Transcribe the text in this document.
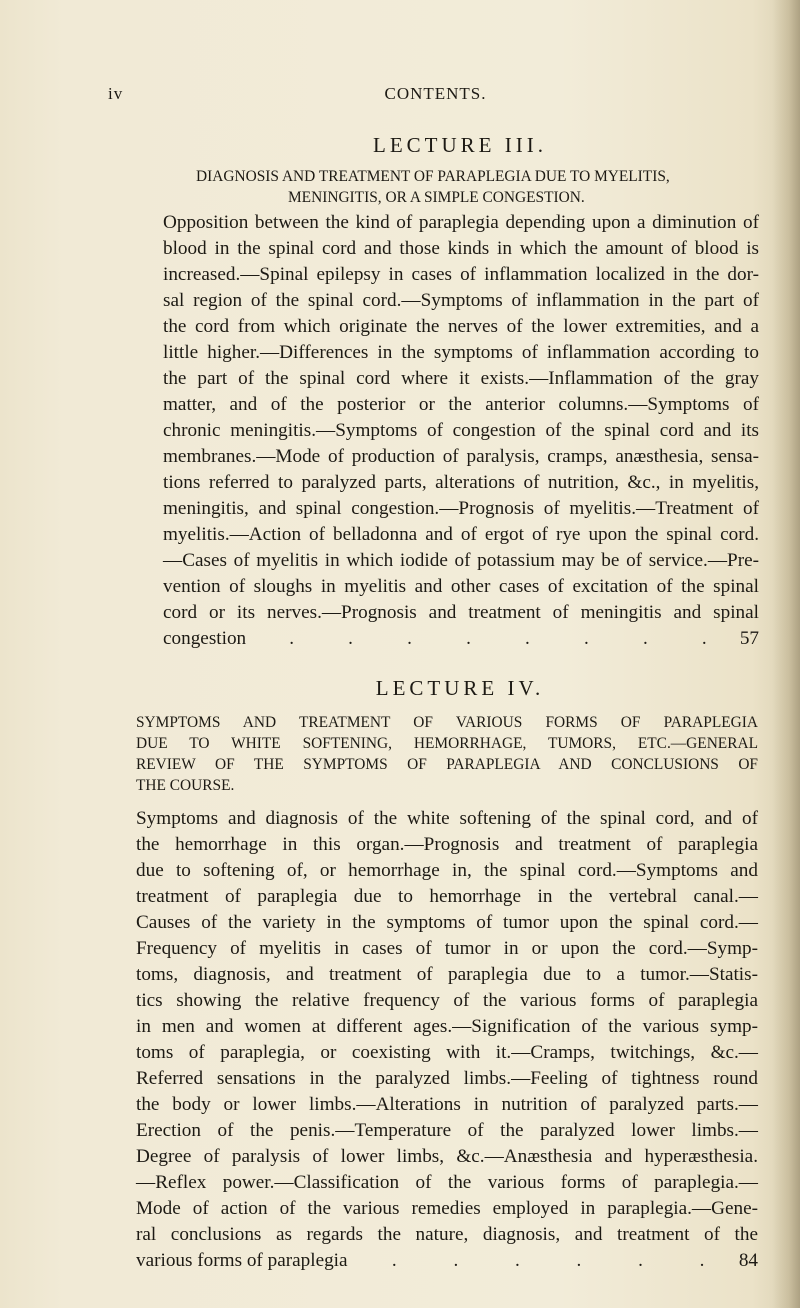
iv	CONTENTS.
LECTURE III.
DIAGNOSIS AND TREATMENT OF PARAPLEGIA DUE TO MYELITIS,
MENINGITIS, OR A SIMPLE CONGESTION.
Opposition between the kind of paraplegia depending upon a diminution of
blood in the spinal cord and those kinds in which the amount of blood is
increased.—Spinal epilepsy in cases of inflammation localized in the dor-
sal region of the spinal cord.—Symptoms of inflammation in the part of
the cord from which originate the nerves of the lower extremities, and a
little higher.—Differences in the symptoms of inflammation according to
the part of the spinal cord where it exists.—Inflammation of the gray
matter, and of the posterior or the anterior columns.—Symptoms of
chronic meningitis.—Symptoms of congestion of the spinal cord and its
membranes.—Mode of production of paralysis, cramps, anæsthesia, sensa-
tions referred to paralyzed parts, alterations of nutrition, &c., in myelitis,
meningitis, and spinal congestion.—Prognosis of myelitis.—Treatment of
myelitis.—Action of belladonna and of ergot of rye upon the spinal cord.
—Cases of myelitis in which iodide of potassium may be of service.—Pre-
vention of sloughs in myelitis and other cases of excitation of the spinal
cord or its nerves.—Prognosis and treatment of meningitis and spinal
congestion .	.	.	.	.	.	.	. 57
LECTURE IV.
SYMPTOMS AND TREATMENT OF VARIOUS FORMS OF PARAPLEGIA
DUE TO WHITE SOFTENING, HEMORRHAGE, TUMORS, ETC.—GENERAL
REVIEW OF THE SYMPTOMS OF PARAPLEGIA AND CONCLUSIONS OF
THE COURSE.
Symptoms and diagnosis of the white softening of the spinal cord, and of
the hemorrhage in this organ.—Prognosis and treatment of paraplegia
due to softening of, or hemorrhage in, the spinal cord.—Symptoms and
treatment of paraplegia due to hemorrhage in the vertebral canal.—
Causes of the variety in the symptoms of tumor upon the spinal cord.—
Frequency of myelitis in cases of tumor in or upon the cord.—Symp-
toms, diagnosis, and treatment of paraplegia due to a tumor.—Statis-
tics showing the relative frequency of the various forms of paraplegia
in men and women at different ages.—Signification of the various symp-
toms of paraplegia, or coexisting with it.—Cramps, twitchings, &c.—
Referred sensations in the paralyzed limbs.—Feeling of tightness round
the body or lower limbs.—Alterations in nutrition of paralyzed parts.—
Erection of the penis.—Temperature of the paralyzed lower limbs.—
Degree of paralysis of lower limbs, &c.—Anæsthesia and hyperæsthesia.
—Reflex power.—Classification of the various forms of paraplegia.—
Mode of action of the various remedies employed in paraplegia.—Gene-
ral conclusions as regards the nature, diagnosis, and treatment of the
various forms of paraplegia .	.	.	.	.	. 84
